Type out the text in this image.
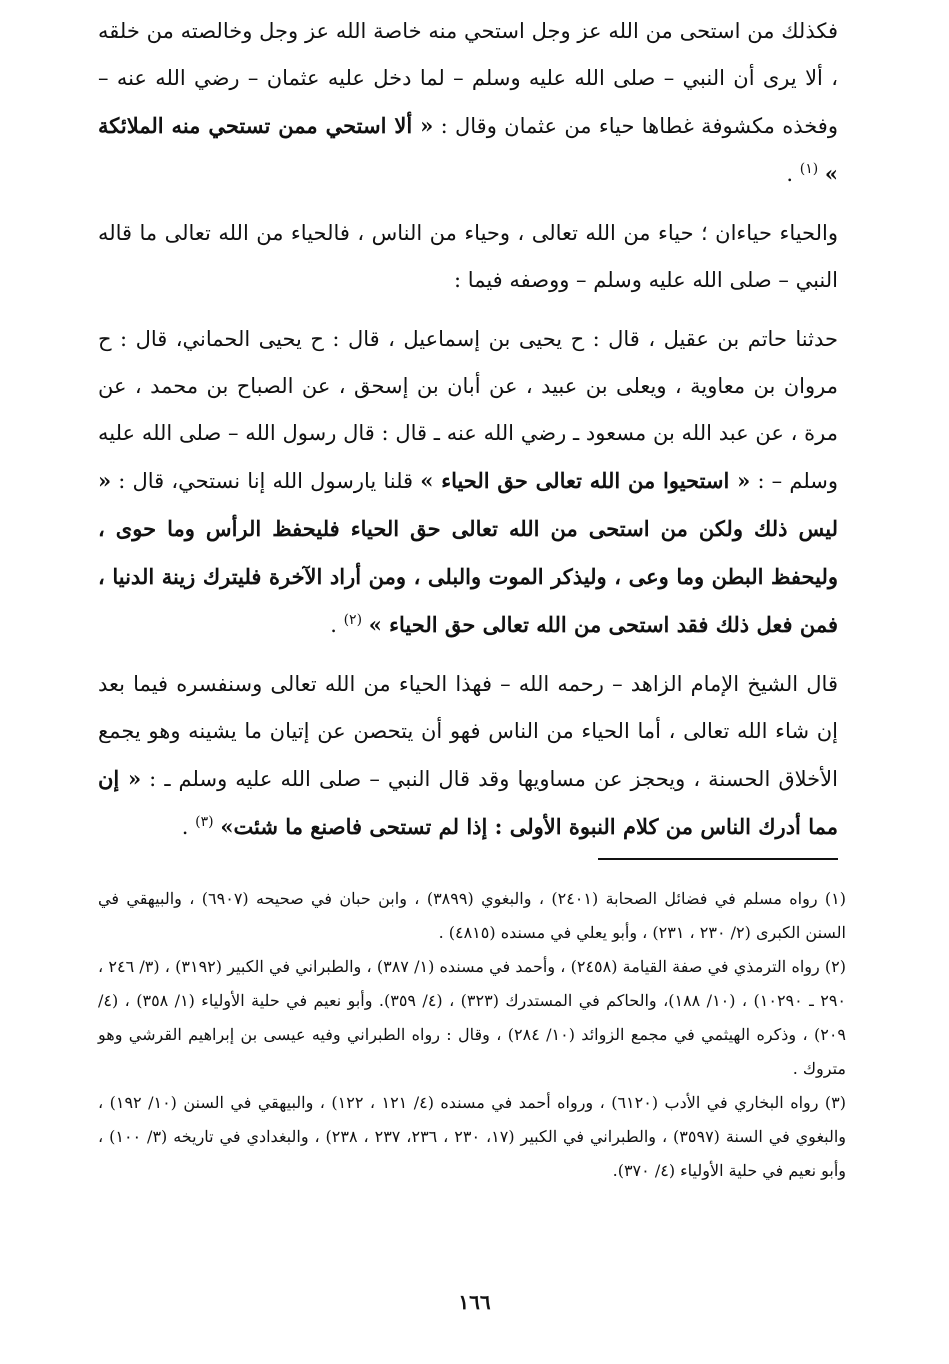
فكذلك من استحى من الله عز وجل استحي منه خاصة الله عز وجل وخالصته من خلقه ، ألا يرى أن النبي – صلى الله عليه وسلم – لما دخل عليه عثمان – رضي الله عنه – وفخذه مكشوفة غطاها حياء من عثمان وقال : « ألا استحي ممن تستحي منه الملائكة » $^{(١)}$ .

والحياء حياءان ؛ حياء من الله تعالى ، وحياء من الناس ، فالحياء من الله تعالى ما قاله النبي – صلى الله عليه وسلم – ووصفه فيما :

حدثنا حاتم بن عقيل ، قال : ح يحيى بن إسماعيل ، قال : ح يحيى الحماني، قال : ح مروان بن معاوية ، ويعلى بن عبيد ، عن أبان بن إسحق ، عن الصباح بن محمد ، عن مرة ، عن عبد الله بن مسعود ـ رضي الله عنه ـ قال : قال رسول الله – صلى الله عليه وسلم – : « استحيوا من الله تعالى حق الحياء » قلنا يارسول الله إنا نستحي، قال : « ليس ذلك ولكن من استحى من الله تعالى حق الحياء فليحفظ الرأس وما حوى ، وليحفظ البطن وما وعى ، وليذكر الموت والبلى ، ومن أراد الآخرة فليترك زينة الدنيا ، فمن فعل ذلك فقد استحى من الله تعالى حق الحياء » $^{(٢)}$ .

قال الشيخ الإمام الزاهد – رحمه الله – فهذا الحياء من الله تعالى وسنفسره فيما بعد إن شاء الله تعالى ، أما الحياء من الناس فهو أن يتحصن عن إتيان ما يشينه وهو يجمع الأخلاق الحسنة ، ويحجز عن مساويها وقد قال النبي – صلى الله عليه وسلم ـ : « إن مما أدرك الناس من كلام النبوة الأولى : إذا لم تستحى فاصنع ما شئت» $^{(٣)}$ .

(١) رواه مسلم في فضائل الصحابة (٢٤٠١) ، والبغوي (٣٨٩٩) ، وابن حبان في صحيحه (٦٩٠٧) ، والبيهقي في السنن الكبرى (٢/ ٢٣٠ ، ٢٣١) ، وأبو يعلي في مسنده (٤٨١٥) .

(٢) رواه الترمذي في صفة القيامة (٢٤٥٨) ، وأحمد في مسنده (١/ ٣٨٧) ، والطبراني في الكبير (٣١٩٢) ، (٣/ ٢٤٦ ، ٢٩٠ ـ ١٠٢٩٠) ، (١٠/ ١٨٨)، والحاكم في المستدرك (٣٢٣) ، (٤/ ٣٥٩). وأبو نعيم في حلية الأولياء (١/ ٣٥٨) ، (٤/ ٢٠٩) ، وذكره الهيثمي في مجمع الزوائد (١٠/ ٢٨٤) ، وقال : رواه الطبراني وفيه عيسى بن إبراهيم القرشي وهو متروك .

(٣) رواه البخاري في الأدب (٦١٢٠) ، ورواه أحمد في مسنده (٤/ ١٢١ ، ١٢٢) ، والبيهقي في السنن (١٠/ ١٩٢) ، والبغوي في السنة (٣٥٩٧) ، والطبراني في الكبير (١٧، ٢٣٠ ، ٢٣٦، ٢٣٧ ، ٢٣٨) ، والبغدادي في تاريخه (٣/ ١٠٠) ، وأبو نعيم في حلية الأولياء (٤/ ٣٧٠).

١٦٦
